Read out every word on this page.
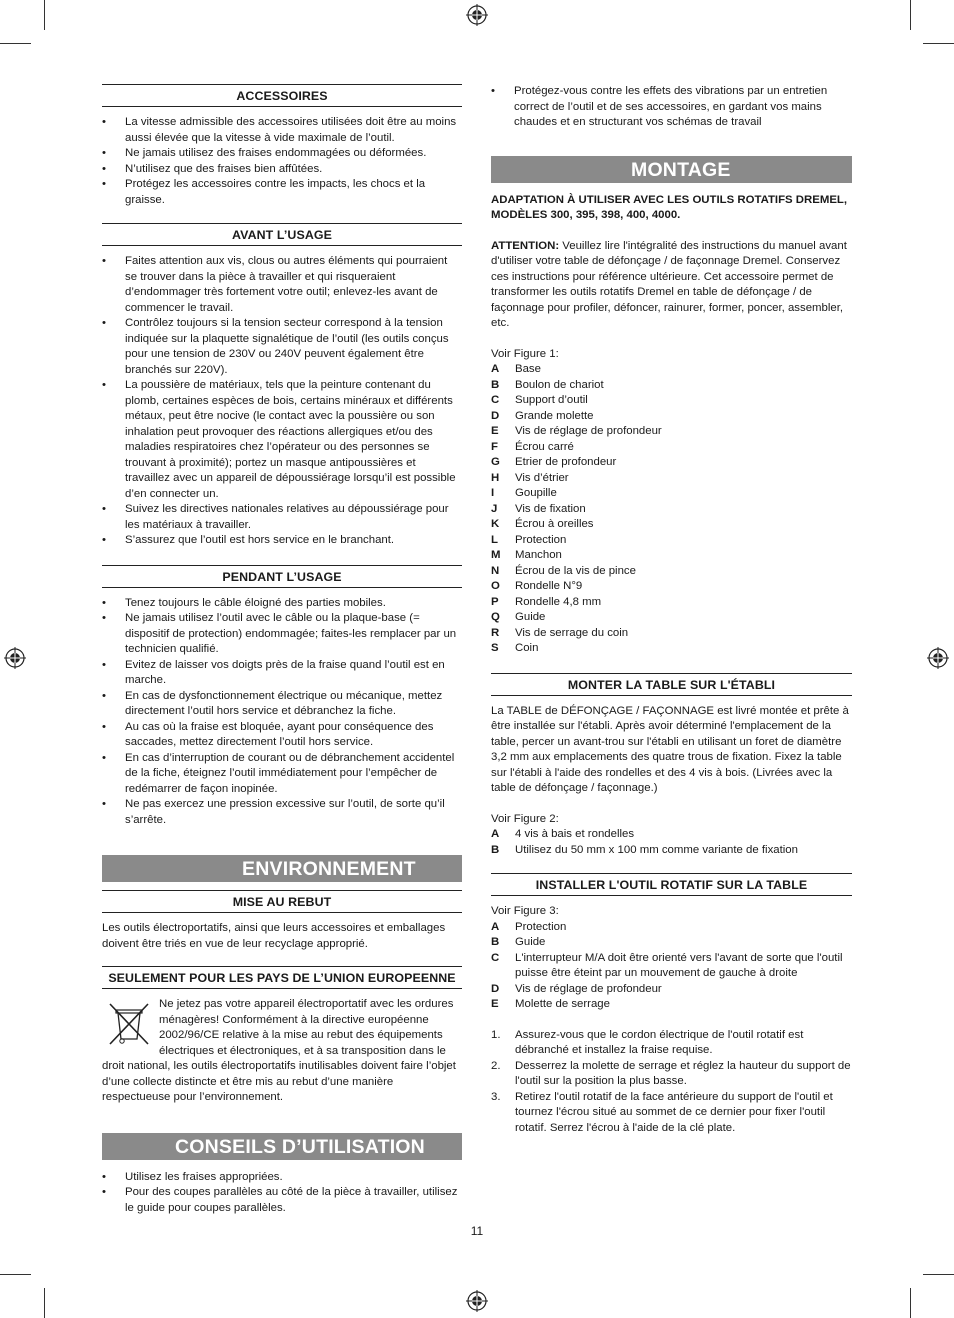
ACCESSOIRES
• La vitesse admissible des accessoires utilisées doit être au moins aussi élevée que la vitesse à vide maximale de l’outil.
• Ne jamais utilisez des fraises endommagées ou déformées.
• N’utilisez que des fraises bien affûtées.
• Protégez les accessoires contre les impacts, les chocs et la graisse.
AVANT L’USAGE
• Faites attention aux vis, clous ou autres éléments qui pourraient se trouver dans la pièce à travailler et qui risqueraient d’endommager très fortement votre outil; enlevez-les avant de commencer le travail.
• Contrôlez toujours si la tension secteur correspond à la tension indiquée sur la plaquette signalétique de l’outil (les outils conçus pour une tension de 230V ou 240V peuvent également être branchés sur 220V).
• La poussière de matériaux, tels que la peinture contenant du plomb, certaines espèces de bois, certains minéraux et différents métaux, peut être nocive (le contact avec la poussière ou son inhalation peut provoquer des réactions allergiques et/ou des maladies respiratoires chez l’opérateur ou des personnes se trouvant à proximité); portez un masque antipoussières et travaillez avec un appareil de dépoussiérage lorsqu’il est possible d’en connecter un.
• Suivez les directives nationales relatives au dépoussiérage pour les matériaux à travailler.
• S’assurez que l’outil est hors service en le branchant.
PENDANT L’USAGE
• Tenez toujours le câble éloigné des parties mobiles.
• Ne jamais utilisez l’outil avec le câble ou la plaque-base (= dispositif de protection) endommagée; faites-les remplacer par un technicien qualifié.
• Evitez de laisser vos doigts près de la fraise quand l’outil est en marche.
• En cas de dysfonctionnement électrique ou mécanique, mettez directement l’outil hors service et débranchez la fiche.
• Au cas où la fraise est bloquée, ayant pour conséquence des saccades, mettez directement l’outil hors service.
• En cas d’interruption de courant ou de débranchement accidentel de la fiche, éteignez l’outil immédiatement pour l’empêcher de redémarrer de façon inopinée.
• Ne pas exercez une pression excessive sur l’outil, de sorte qu’il s’arrête.
ENVIRONNEMENT
MISE AU REBUT

Les outils électroportatifs, ainsi que leurs accessoires et emballages doivent être triés en vue de leur recyclage approprié.

SEULEMENT POUR LES PAYS DE L’UNION EUROPEENNE

Ne jetez pas votre appareil électroportatif avec les ordures ménagères! Conformément à la directive européenne 2002/96/CE relative à la mise au rebut des équipements électriques et électroniques, et à sa transposition dans le droit national, les outils électroportatifs inutilisables doivent faire l’objet d’une collecte distincte et être mis au rebut d’une manière respectueuse pour l’environnement.

CONSEILS D’UTILISATION
• Utilisez les fraises appropriées.
• Pour des coupes parallèles au côté de la pièce à travailler, utilisez le guide pour coupes parallèles.
• Protégez-vous contre les effets des vibrations par un entretien correct de l’outil et de ses accessoires, en gardant vos mains chaudes et en structurant vos schémas de travail
MONTAGE

ADAPTATION À UTILISER AVEC LES OUTILS ROTATIFS DREMEL, MODÈLES 300, 395, 398, 400, 4000.

ATTENTION: Veuillez lire l'intégralité des instructions du manuel avant d'utiliser votre table de défonçage / de façonnage Dremel. Conservez ces instructions pour référence ultérieure. Cet accessoire permet de transformer les outils rotatifs Dremel en table de défonçage / de façonnage pour profiler, défoncer, rainurer, former, poncer, assembler, etc.

Voir Figure 1:

A	Base
B	Boulon de chariot
C	Support d’outil
D	Grande molette
E	Vis de réglage de profondeur
F	Écrou carré
G	Etrier de profondeur
H	Vis d’étrier
I	Goupille
J	Vis de fixation
K	Écrou à oreilles
L	Protection
M	Manchon
N	Écrou de la vis de pince
O	Rondelle N°9
P	Rondelle 4,8 mm
Q	Guide
R	Vis de serrage du coin
S	Coin
MONTER LA TABLE SUR L'ÉTABLI

La TABLE de DÉFONÇAGE / FAÇONNAGE est livré montée et prête à être installée sur l'établi. Après avoir déterminé l'emplacement de la table, percer un avant-trou sur l'établi en utilisant un foret de diamètre 3,2 mm aux emplacements des quatre trous de fixation. Fixez la table sur l'établi à l'aide des rondelles et des 4 vis à bois. (Livrées avec la table de défonçage / façonnage.)

Voir Figure 2:

A	4 vis à bais et rondelles
B	Utilisez du 50 mm x 100 mm comme variante de fixation
INSTALLER L'OUTIL ROTATIF SUR LA TABLE

Voir Figure 3:

A	Protection
B	Guide
C	L'interrupteur M/A doit être orienté vers l'avant de sorte que l'outil puisse être éteint par un mouvement de gauche à droite
D	Vis de réglage de profondeur
E	Molette de serrage
1.	Assurez-vous que le cordon électrique de l'outil rotatif est débranché et installez la fraise requise.
2.	Desserrez la molette de serrage et réglez la hauteur du support de l'outil sur la position la plus basse.
3.	Retirez l'outil rotatif de la face antérieure du support de l'outil et tournez l'écrou situé au sommet de ce dernier pour fixer l'outil rotatif. Serrez l'écrou à l'aide de la clé plate.
11
